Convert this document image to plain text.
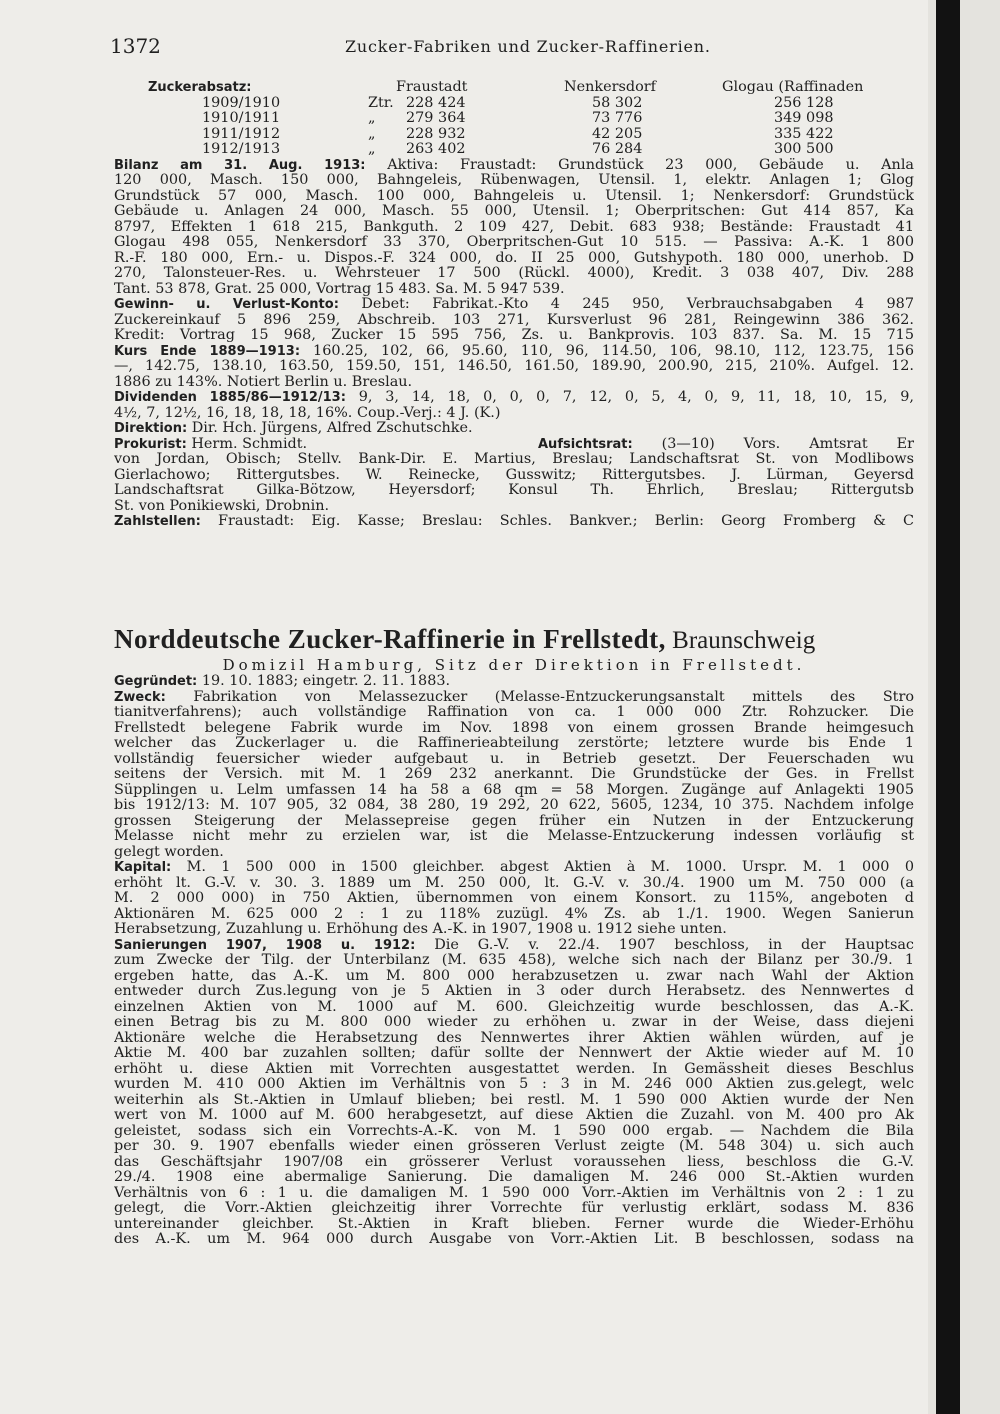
1372	Zucker-Fabriken und Zucker-Raffinerien.
Zuckerabsatz:	Fraustadt	Nenkersdorf	Glogau (Raffinaden
1909/1910	Ztr. 228 424	58 302	256 128
1910/1911	„ 279 364	73 776	349 098
1911/1912	„ 228 932	42 205	335 422
1912/1913	„ 263 402	76 284	300 500
Bilanz am 31. Aug. 1913: Aktiva: Fraustadt: Grundstück 23 000, Gebäude u. Anla
120 000, Masch. 150 000, Bahngeleis, Rübenwagen, Utensil. 1, elektr. Anlagen 1; Glog
Grundstück 57 000, Masch. 100 000, Bahngeleis u. Utensil. 1; Nenkersdorf: Grundstück
Gebäude u. Anlagen 24 000, Masch. 55 000, Utensil. 1; Oberpritschen: Gut 414 857, Ka
8797, Effekten 1 618 215, Bankguth. 2 109 427, Debit. 683 938; Bestände: Fraustadt 41
Glogau 498 055, Nenkersdorf 33 370, Oberpritschen-Gut 10 515. — Passiva: A.-K. 1 800
R.-F. 180 000, Ern.- u. Dispos.-F. 324 000, do. II 25 000, Gutshypoth. 180 000, unerhob. D
270, Talonsteuer-Res. u. Wehrsteuer 17 500 (Rückl. 4000), Kredit. 3 038 407, Div. 288
Tant. 53 878, Grat. 25 000, Vortrag 15 483. Sa. M. 5 947 539.
Gewinn- u. Verlust-Konto: Debet: Fabrikat.-Kto 4 245 950, Verbrauchsabgaben 4 987
Zuckereinkauf 5 896 259, Abschreib. 103 271, Kursverlust 96 281, Reingewinn 386 362.
Kredit: Vortrag 15 968, Zucker 15 595 756, Zs. u. Bankprovis. 103 837. Sa. M. 15 715
Kurs Ende 1889—1913: 160.25, 102, 66, 95.60, 110, 96, 114.50, 106, 98.10, 112, 123.75, 156
—, 142.75, 138.10, 163.50, 159.50, 151, 146.50, 161.50, 189.90, 200.90, 215, 210%. Aufgel. 12.
1886 zu 143%. Notiert Berlin u. Breslau.
Dividenden 1885/86—1912/13: 9, 3, 14, 18, 0, 0, 0, 7, 12, 0, 5, 4, 0, 9, 11, 18, 10, 15, 9,
4½, 7, 12½, 16, 18, 18, 18, 16%. Coup.-Verj.: 4 J. (K.)
Direktion: Dir. Hch. Jürgens, Alfred Zschutschke.
Prokurist: Herm. Schmidt.	Aufsichtsrat: (3—10) Vors. Amtsrat Er
von Jordan, Obisch; Stellv. Bank-Dir. E. Martius, Breslau; Landschaftsrat St. von Modlibows
Gierlachowo; Rittergutsbes. W. Reinecke, Gusswitz; Rittergutsbes. J. Lürman, Geyersd
Landschaftsrat Gilka-Bötzow, Heyersdorf; Konsul Th. Ehrlich, Breslau; Rittergutsb
St. von Ponikiewski, Drobnin.
Zahlstellen: Fraustadt: Eig. Kasse; Breslau: Schles. Bankver.; Berlin: Georg Fromberg & C
Norddeutsche Zucker-Raffinerie in Frellstedt, Braunschweig
Domizil Hamburg, Sitz der Direktion in Frellstedt.
Gegründet: 19. 10. 1883; eingetr. 2. 11. 1883.
Zweck: Fabrikation von Melassezucker (Melasse-Entzuckerungsanstalt mittels des Stro
tianitverfahrens); auch vollständige Raffination von ca. 1 000 000 Ztr. Rohzucker. Die
Frellstedt belegene Fabrik wurde im Nov. 1898 von einem grossen Brande heimgesuch
welcher das Zuckerlager u. die Raffinerieabteilung zerstörte; letztere wurde bis Ende 1
vollständig feuersicher wieder aufgebaut u. in Betrieb gesetzt. Der Feuerschaden wu
seitens der Versich. mit M. 1 269 232 anerkannt. Die Grundstücke der Ges. in Frellst
Süpplingen u. Lelm umfassen 14 ha 58 a 68 qm = 58 Morgen. Zugänge auf Anlagekti 1905
bis 1912/13: M. 107 905, 32 084, 38 280, 19 292, 20 622, 5605, 1234, 10 375. Nachdem infolge
grossen Steigerung der Melassepreise gegen früher ein Nutzen in der Entzuckerung
Melasse nicht mehr zu erzielen war, ist die Melasse-Entzuckerung indessen vorläufig st
gelegt worden.
Kapital: M. 1 500 000 in 1500 gleichber. abgest Aktien à M. 1000. Urspr. M. 1 000 0
erhöht lt. G.-V. v. 30. 3. 1889 um M. 250 000, lt. G.-V. v. 30./4. 1900 um M. 750 000 (a
M. 2 000 000) in 750 Aktien, übernommen von einem Konsort. zu 115%, angeboten d
Aktionären M. 625 000 2 : 1 zu 118% zuzügl. 4% Zs. ab 1./1. 1900. Wegen Sanierun
Herabsetzung, Zuzahlung u. Erhöhung des A.-K. in 1907, 1908 u. 1912 siehe unten.
Sanierungen 1907, 1908 u. 1912: Die G.-V. v. 22./4. 1907 beschloss, in der Hauptsac
zum Zwecke der Tilg. der Unterbilanz (M. 635 458), welche sich nach der Bilanz per 30./9. 1
ergeben hatte, das A.-K. um M. 800 000 herabzusetzen u. zwar nach Wahl der Aktion
entweder durch Zus.legung von je 5 Aktien in 3 oder durch Herabsetz. des Nennwertes d
einzelnen Aktien von M. 1000 auf M. 600. Gleichzeitig wurde beschlossen, das A.-K.
einen Betrag bis zu M. 800 000 wieder zu erhöhen u. zwar in der Weise, dass diejeni
Aktionäre welche die Herabsetzung des Nennwertes ihrer Aktien wählen würden, auf je
Aktie M. 400 bar zuzahlen sollten; dafür sollte der Nennwert der Aktie wieder auf M. 10
erhöht u. diese Aktien mit Vorrechten ausgestattet werden. In Gemässheit dieses Beschlus
wurden M. 410 000 Aktien im Verhältnis von 5 : 3 in M. 246 000 Aktien zus.gelegt, welc
weiterhin als St.-Aktien in Umlauf blieben; bei restl. M. 1 590 000 Aktien wurde der Nen
wert von M. 1000 auf M. 600 herabgesetzt, auf diese Aktien die Zuzahl. von M. 400 pro Ak
geleistet, sodass sich ein Vorrechts-A.-K. von M. 1 590 000 ergab. — Nachdem die Bila
per 30. 9. 1907 ebenfalls wieder einen grösseren Verlust zeigte (M. 548 304) u. sich auch
das Geschäftsjahr 1907/08 ein grösserer Verlust voraussehen liess, beschloss die G.-V.
29./4. 1908 eine abermalige Sanierung. Die damaligen M. 246 000 St.-Aktien wurden
Verhältnis von 6 : 1 u. die damaligen M. 1 590 000 Vorr.-Aktien im Verhältnis von 2 : 1 zu
gelegt, die Vorr.-Aktien gleichzeitig ihrer Vorrechte für verlustig erklärt, sodass M. 836
untereinander gleichber. St.-Aktien in Kraft blieben. Ferner wurde die Wieder-Erhöhu
des A.-K. um M. 964 000 durch Ausgabe von Vorr.-Aktien Lit. B beschlossen, sodass na
